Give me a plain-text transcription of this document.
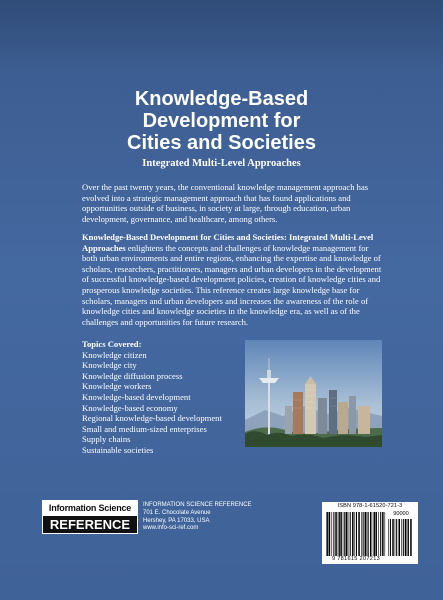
Knowledge-Based
Development for
Cities and Societies
Integrated Multi-Level Approaches

Over the past twenty years, the conventional knowledge management approach has evolved into a strategic management approach that has found applications and opportunities outside of business, in society at large, through education, urban development, governance, and healthcare, among others.

Knowledge-Based Development for Cities and Societies: Integrated Multi-Level Approaches enlightens the concepts and challenges of knowledge management for both urban environments and entire regions, enhancing the expertise and knowledge of scholars, researchers, practitioners, managers and urban developers in the development of successful knowledge-based development policies, creation of knowledge cities and prosperous knowledge societies. This reference creates large knowledge base for scholars, managers and urban developers and increases the awareness of the role of knowledge cities and knowledge societies in the knowledge era, as well as of the challenges and opportunities for future research.

Topics Covered:
Knowledge citizen
Knowledge city
Knowledge diffusion process
Knowledge workers
Knowledge-based development
Knowledge-based economy
Regional knowledge-based development
Small and medium-sized enterprises
Supply chains
Sustainable societies
Information Science
REFERENCE
INFORMATION SCIENCE REFERENCE
701 E. Chocolate Avenue
Hershey, PA 17033, USA
www.info-sci-ref.com
ISBN 978-1-61520-721-3
90000
9 781615 207213
